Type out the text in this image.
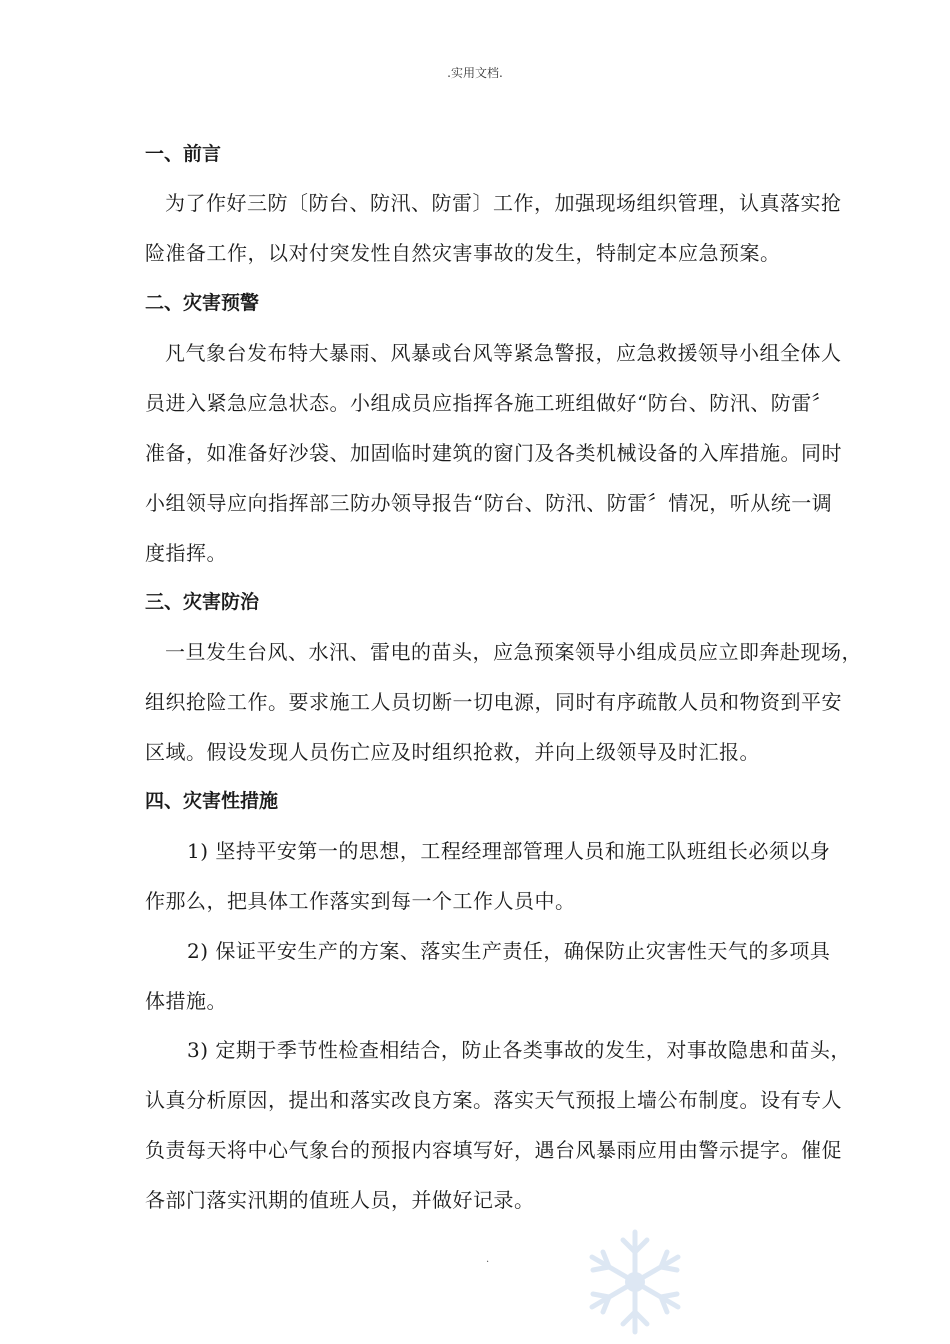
.实用文档.
一、前言
为了作好三防〔防台、防汛、防雷〕工作，加强现场组织管理，认真落实抢
险准备工作，以对付突发性自然灾害事故的发生，特制定本应急预案。
二、灾害预警
凡气象台发布特大暴雨、风暴或台风等紧急警报，应急救援领导小组全体人
员进入紧急应急状态。小组成员应指挥各施工班组做好“防台、防汛、防雷〞
准备，如准备好沙袋、加固临时建筑的窗门及各类机械设备的入库措施。同时
小组领导应向指挥部三防办领导报告“防台、防汛、防雷〞情况，听从统一调
度指挥。
三、灾害防治
一旦发生台风、水汛、雷电的苗头，应急预案领导小组成员应立即奔赴现场，
组织抢险工作。要求施工人员切断一切电源，同时有序疏散人员和物资到平安
区域。假设发现人员伤亡应及时组织抢救，并向上级领导及时汇报。
四、灾害性措施
1) 坚持平安第一的思想，工程经理部管理人员和施工队班组长必须以身
作那么，把具体工作落实到每一个工作人员中。
2) 保证平安生产的方案、落实生产责任，确保防止灾害性天气的多项具
体措施。
3) 定期于季节性检查相结合，防止各类事故的发生，对事故隐患和苗头，
认真分析原因，提出和落实改良方案。落实天气预报上墙公布制度。设有专人
负责每天将中心气象台的预报内容填写好，遇台风暴雨应用由警示提字。催促
各部门落实汛期的值班人员，并做好记录。
.
